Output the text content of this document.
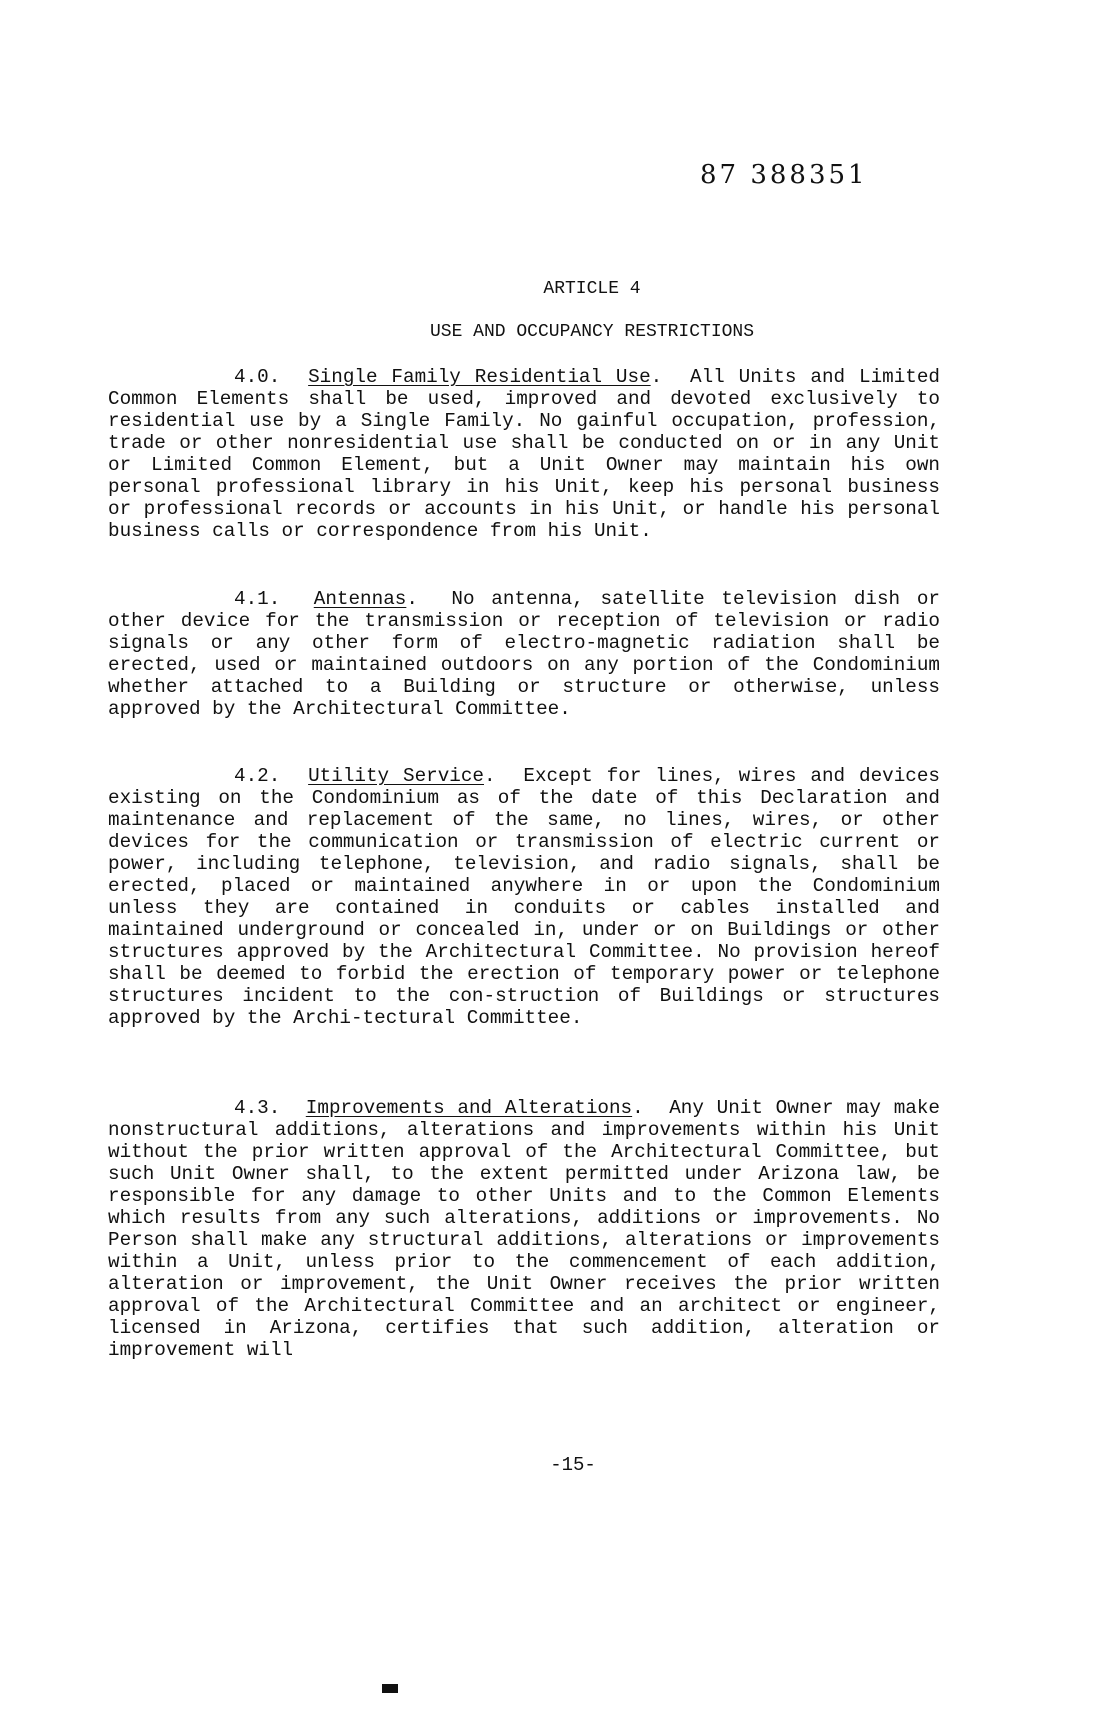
87 388351
ARTICLE 4
USE AND OCCUPANCY RESTRICTIONS
4.0. Single Family Residential Use.  All Units and Limited Common Elements shall be used, improved and devoted exclusively to residential use by a Single Family. No gainful occupation, profession, trade or other nonresidential use shall be conducted on or in any Unit or Limited Common Element, but a Unit Owner may maintain his own personal professional library in his Unit, keep his personal business or professional records or accounts in his Unit, or handle his personal business calls or correspondence from his Unit.
4.1. Antennas.  No antenna, satellite television dish or other device for the transmission or reception of television or radio signals or any other form of electro-magnetic radiation shall be erected, used or maintained outdoors on any portion of the Condominium whether attached to a Building or structure or otherwise, unless approved by the Architectural Committee.
4.2. Utility Service.  Except for lines, wires and devices existing on the Condominium as of the date of this Declaration and maintenance and replacement of the same, no lines, wires, or other devices for the communication or transmission of electric current or power, including telephone, television, and radio signals, shall be erected, placed or maintained anywhere in or upon the Condominium unless they are contained in conduits or cables installed and maintained underground or concealed in, under or on Buildings or other structures approved by the Architectural Committee. No provision hereof shall be deemed to forbid the erection of temporary power or telephone structures incident to the con-struction of Buildings or structures approved by the Archi-tectural Committee.
4.3. Improvements and Alterations.  Any Unit Owner may make nonstructural additions, alterations and improvements within his Unit without the prior written approval of the Architectural Committee, but such Unit Owner shall, to the extent permitted under Arizona law, be responsible for any damage to other Units and to the Common Elements which results from any such alterations, additions or improvements. No Person shall make any structural additions, alterations or improvements within a Unit, unless prior to the commencement of each addition, alteration or improvement, the Unit Owner receives the prior written approval of the Architectural Committee and an architect or engineer, licensed in Arizona, certifies that such addition, alteration or improvement will
-15-
